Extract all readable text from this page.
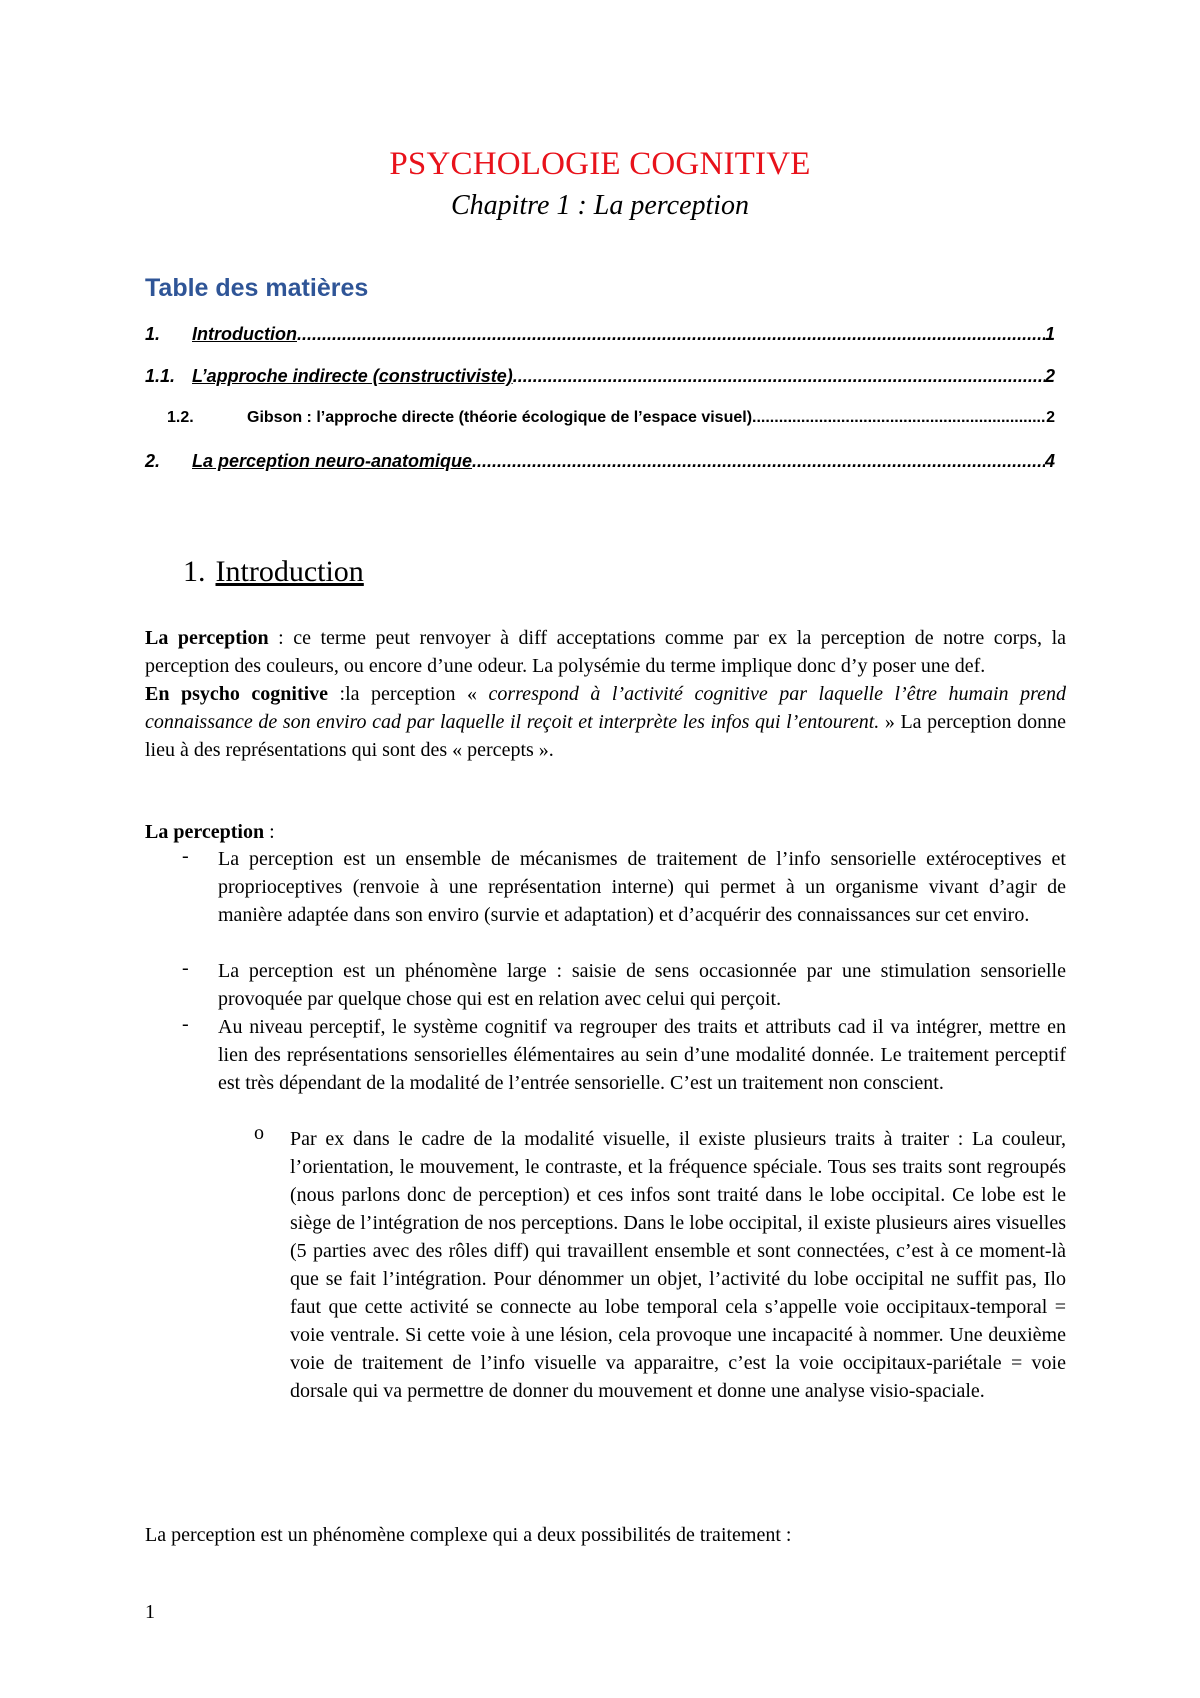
PSYCHOLOGIE COGNITIVE
Chapitre 1 : La perception
Table des matières
1.	Introduction .....	1
1.1. L’approche indirecte (constructiviste) .....	2
1.2.	Gibson : l’approche directe (théorie écologique de l’espace visuel) .....	2
2.	La perception neuro-anatomique .....	4
1. Introduction

La perception : ce terme peut renvoyer à diff acceptations comme par ex la perception de notre corps, la perception des couleurs, ou encore d’une odeur. La polysémie du terme implique donc d’y poser une def.

En psycho cognitive :la perception « correspond à l’activité cognitive par laquelle l’être humain prend connaissance de son enviro cad par laquelle il reçoit et interprète les infos qui l’entourent. » La perception donne lieu à des représentations qui sont des « percepts ».

La perception :

- La perception est un ensemble de mécanismes de traitement de l’info sensorielle extéroceptives et proprioceptives (renvoie à une représentation interne) qui permet à un organisme vivant d’agir de manière adaptée dans son enviro (survie et adaptation) et d’acquérir des connaissances sur cet enviro.
- La perception est un phénomène large : saisie de sens occasionnée par une stimulation sensorielle provoquée par quelque chose qui est en relation avec celui qui perçoit.
- Au niveau perceptif, le système cognitif va regrouper des traits et attributs cad il va intégrer, mettre en lien des représentations sensorielles élémentaires au sein d’une modalité donnée. Le traitement perceptif est très dépendant de la modalité de l’entrée sensorielle. C’est un traitement non conscient.
o Par ex dans le cadre de la modalité visuelle, il existe plusieurs traits à traiter : La couleur, l’orientation, le mouvement, le contraste, et la fréquence spéciale. Tous ses traits sont regroupés (nous parlons donc de perception) et ces infos sont traité dans le lobe occipital. Ce lobe est le siège de l’intégration de nos perceptions. Dans le lobe occipital, il existe plusieurs aires visuelles (5 parties avec des rôles diff) qui travaillent ensemble et sont connectées, c’est à ce moment-là que se fait l’intégration. Pour dénommer un objet, l’activité du lobe occipital ne suffit pas, Ilo faut que cette activité se connecte au lobe temporal cela s’appelle voie occipitaux-temporal = voie ventrale. Si cette voie à une lésion, cela provoque une incapacité à nommer. Une deuxième voie de traitement de l’info visuelle va apparaitre, c’est la voie occipitaux-pariétale = voie dorsale qui va permettre de donner du mouvement et donne une analyse visio-spaciale.
La perception est un phénomène complexe qui a deux possibilités de traitement :
1
